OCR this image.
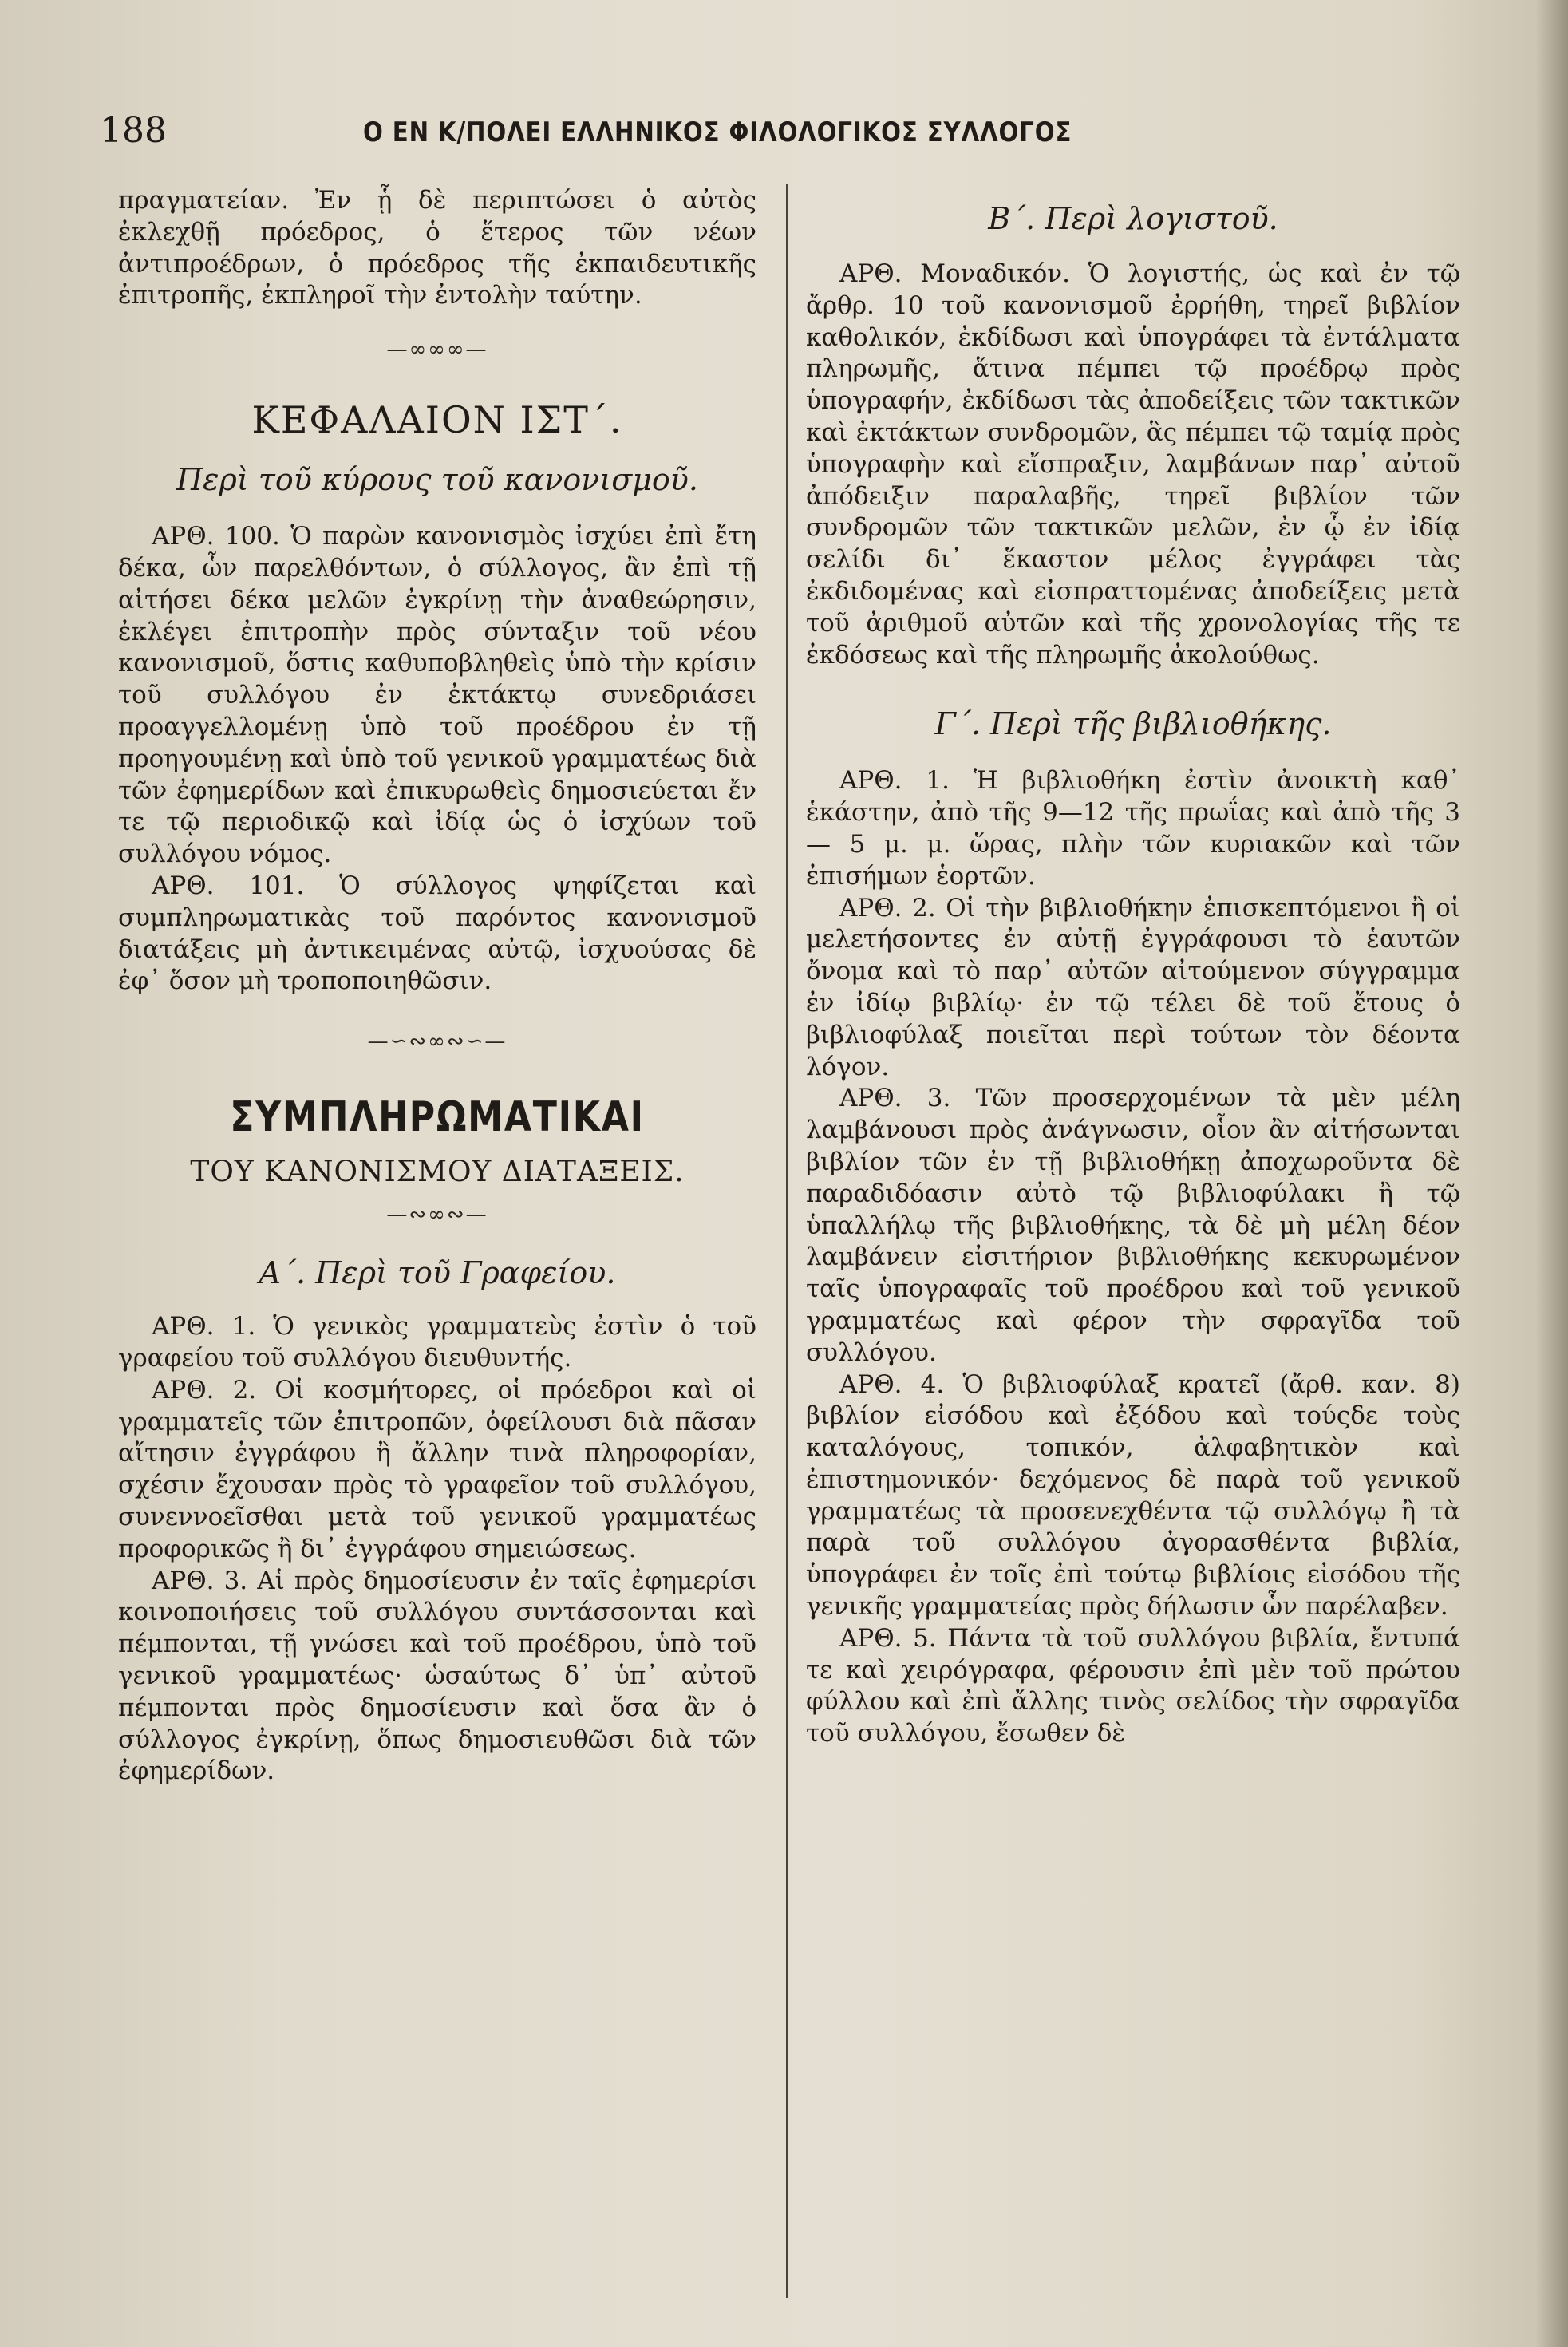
188	Ο ΕΝ Κ/ΠΟΛΕΙ ΕΛΛΗΝΙΚΟΣ ΦΙΛΟΛΟΓΙΚΟΣ ΣΥΛΛΟΓΟΣ

πραγματείαν. Ἐν ᾗ δὲ περιπτώσει ὁ αὐτὸς ἐκλεχθῇ πρόεδρος, ὁ ἕτερος τῶν νέων ἀντιπροέδρων, ὁ πρόεδρος τῆς ἐκπαιδευτικῆς ἐπιτροπῆς, ἐκπληροῖ τὴν ἐντολὴν ταύτην.

—∞∞∞—

ΚΕΦΑΛΑΙΟΝ ΙΣΤ΄.

Περὶ τοῦ κύρους τοῦ κανονισμοῦ.

ΑΡΘ. 100. Ὁ παρὼν κανονισμὸς ἰσχύει ἐπὶ ἔτη δέκα, ὧν παρελθόντων, ὁ σύλλογος, ἂν ἐπὶ τῇ αἰτήσει δέκα μελῶν ἐγκρίνῃ τὴν ἀναθεώρησιν, ἐκλέγει ἐπιτροπὴν πρὸς σύνταξιν τοῦ νέου κανονισμοῦ, ὅστις καθυποβληθεὶς ὑπὸ τὴν κρίσιν τοῦ συλλόγου ἐν ἐκτάκτῳ συνεδριάσει προαγγελλομένῃ ὑπὸ τοῦ προέδρου ἐν τῇ προηγουμένῃ καὶ ὑπὸ τοῦ γενικοῦ γραμματέως διὰ τῶν ἐφημερίδων καὶ ἐπικυρωθεὶς δημοσιεύεται ἔν τε τῷ περιοδικῷ καὶ ἰδίᾳ ὡς ὁ ἰσχύων τοῦ συλλόγου νόμος.

ΑΡΘ. 101. Ὁ σύλλογος ψηφίζεται καὶ συμπληρωματικὰς τοῦ παρόντος κανονισμοῦ διατάξεις μὴ ἀντικειμένας αὐτῷ, ἰσχυούσας δὲ ἐφ᾽ ὅσον μὴ τροποποιηθῶσιν.

—∽∾∞∾∽—

ΣΥΜΠΛΗΡΩΜΑΤΙΚΑΙ

ΤΟΥ ΚΑΝΟΝΙΣΜΟΥ ΔΙΑΤΑΞΕΙΣ.

—∾∞∾—

Α΄. Περὶ τοῦ Γραφείου.

ΑΡΘ. 1. Ὁ γενικὸς γραμματεὺς ἐστὶν ὁ τοῦ γραφείου τοῦ συλλόγου διευθυντής.

ΑΡΘ. 2. Οἱ κοσμήτορες, οἱ πρόεδροι καὶ οἱ γραμματεῖς τῶν ἐπιτροπῶν, ὀφείλουσι διὰ πᾶσαν αἴτησιν ἐγγράφου ἢ ἄλλην τινὰ πληροφορίαν, σχέσιν ἔχουσαν πρὸς τὸ γραφεῖον τοῦ συλλόγου, συνεννοεῖσθαι μετὰ τοῦ γενικοῦ γραμματέως προφορικῶς ἢ δι᾽ ἐγγράφου σημειώσεως.

ΑΡΘ. 3. Αἱ πρὸς δημοσίευσιν ἐν ταῖς ἐφημερίσι κοινοποιήσεις τοῦ συλλόγου συντάσσονται καὶ πέμπονται, τῇ γνώσει καὶ τοῦ προέδρου, ὑπὸ τοῦ γενικοῦ γραμματέως· ὡσαύτως δ᾽ ὑπ᾽ αὐτοῦ πέμπονται πρὸς δημοσίευσιν καὶ ὅσα ἂν ὁ σύλλογος ἐγκρίνῃ, ὅπως δημοσιευθῶσι διὰ τῶν ἐφημερίδων.

Β΄. Περὶ λογιστοῦ.

ΑΡΘ. Μοναδικόν. Ὁ λογιστής, ὡς καὶ ἐν τῷ ἄρθρ. 10 τοῦ κανονισμοῦ ἐρρήθη, τηρεῖ βιβλίον καθολικόν, ἐκδίδωσι καὶ ὑπογράφει τὰ ἐντάλματα πληρωμῆς, ἅτινα πέμπει τῷ προέδρῳ πρὸς ὑπογραφήν, ἐκδίδωσι τὰς ἀποδείξεις τῶν τακτικῶν καὶ ἐκτάκτων συνδρομῶν, ἃς πέμπει τῷ ταμίᾳ πρὸς ὑπογραφὴν καὶ εἴσπραξιν, λαμβάνων παρ᾽ αὐτοῦ ἀπόδειξιν παραλαβῆς, τηρεῖ βιβλίον τῶν συνδρομῶν τῶν τακτικῶν μελῶν, ἐν ᾧ ἐν ἰδίᾳ σελίδι δι᾽ ἕκαστον μέλος ἐγγράφει τὰς ἐκδιδομένας καὶ εἰσπραττομένας ἀποδείξεις μετὰ τοῦ ἀριθμοῦ αὐτῶν καὶ τῆς χρονολογίας τῆς τε ἐκδόσεως καὶ τῆς πληρωμῆς ἀκολούθως.

Γ΄. Περὶ τῆς βιβλιοθήκης.

ΑΡΘ. 1. Ἡ βιβλιοθήκη ἐστὶν ἀνοικτὴ καθ᾽ ἑκάστην, ἀπὸ τῆς 9—12 τῆς πρωΐας καὶ ἀπὸ τῆς 3 — 5 μ. μ. ὥρας, πλὴν τῶν κυριακῶν καὶ τῶν ἐπισήμων ἑορτῶν.

ΑΡΘ. 2. Οἱ τὴν βιβλιοθήκην ἐπισκεπτόμενοι ἢ οἱ μελετήσοντες ἐν αὐτῇ ἐγγράφουσι τὸ ἑαυτῶν ὄνομα καὶ τὸ παρ᾽ αὐτῶν αἰτούμενον σύγγραμμα ἐν ἰδίῳ βιβλίῳ· ἐν τῷ τέλει δὲ τοῦ ἔτους ὁ βιβλιοφύλαξ ποιεῖται περὶ τούτων τὸν δέοντα λόγον.

ΑΡΘ. 3. Τῶν προσερχομένων τὰ μὲν μέλη λαμβάνουσι πρὸς ἀνάγνωσιν, οἷον ἂν αἰτήσωνται βιβλίον τῶν ἐν τῇ βιβλιοθήκῃ ἀποχωροῦντα δὲ παραδιδόασιν αὐτὸ τῷ βιβλιοφύλακι ἢ τῷ ὑπαλλήλῳ τῆς βιβλιοθήκης, τὰ δὲ μὴ μέλη δέον λαμβάνειν εἰσιτήριον βιβλιοθήκης κεκυρωμένον ταῖς ὑπογραφαῖς τοῦ προέδρου καὶ τοῦ γενικοῦ γραμματέως καὶ φέρον τὴν σφραγῖδα τοῦ συλλόγου.

ΑΡΘ. 4. Ὁ βιβλιοφύλαξ κρατεῖ (ἄρθ. καν. 8) βιβλίον εἰσόδου καὶ ἐξόδου καὶ τούςδε τοὺς καταλόγους, τοπικόν, ἀλφαβητικὸν καὶ ἐπιστημονικόν· δεχόμενος δὲ παρὰ τοῦ γενικοῦ γραμματέως τὰ προσενεχθέντα τῷ συλλόγῳ ἢ τὰ παρὰ τοῦ συλλόγου ἀγορασθέντα βιβλία, ὑπογράφει ἐν τοῖς ἐπὶ τούτῳ βιβλίοις εἰσόδου τῆς γενικῆς γραμματείας πρὸς δήλωσιν ὧν παρέλαβεν.

ΑΡΘ. 5. Πάντα τὰ τοῦ συλλόγου βιβλία, ἔντυπά τε καὶ χειρόγραφα, φέρουσιν ἐπὶ μὲν τοῦ πρώτου φύλλου καὶ ἐπὶ ἄλλης τινὸς σελίδος τὴν σφραγῖδα τοῦ συλλόγου, ἔσωθεν δὲ
